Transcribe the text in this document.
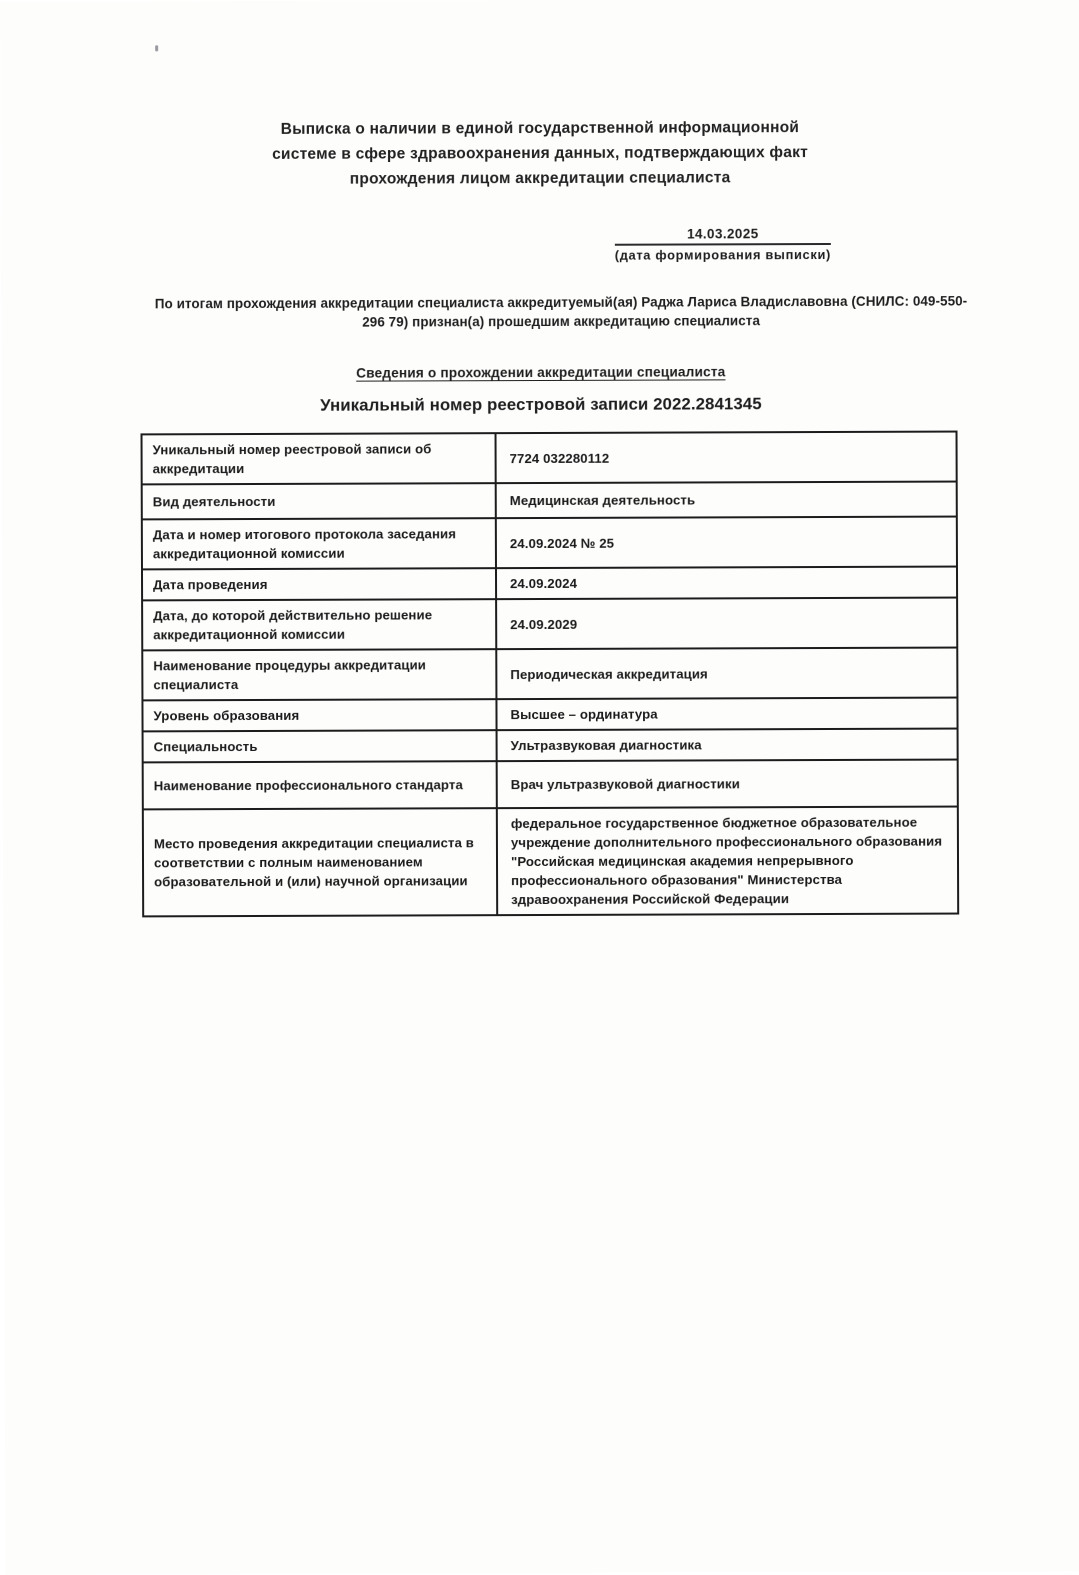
Выписка о наличии в единой государственной информационной
системе в сфере здравоохранения данных, подтверждающих факт
прохождения лицом аккредитации специалиста
14.03.2025
(дата формирования выписки)

По итогам прохождения аккредитации специалиста аккредитуемый(ая) Раджа Лариса Владиславовна (СНИЛС: 049-550-296 79) признан(а) прошедшим аккредитацию специалиста

Сведения о прохождении аккредитации специалиста
Уникальный номер реестровой записи 2022.2841345
Уникальный номер реестровой записи об аккредитации	7724 032280112
Вид деятельности	Медицинская деятельность
Дата и номер итогового протокола заседания аккредитационной комиссии	24.09.2024 № 25
Дата проведения	24.09.2024
Дата, до которой действительно решение аккредитационной комиссии	24.09.2029
Наименование процедуры аккредитации специалиста	Периодическая аккредитация
Уровень образования	Высшее – ординатура
Специальность	Ультразвуковая диагностика
Наименование профессионального стандарта	Врач ультразвуковой диагностики
Место проведения аккредитации специалиста в соответствии с полным наименованием образовательной и (или) научной организации	федеральное государственное бюджетное образовательное учреждение дополнительного профессионального образования "Российская медицинская академия непрерывного профессионального образования" Министерства здравоохранения Российской Федерации
